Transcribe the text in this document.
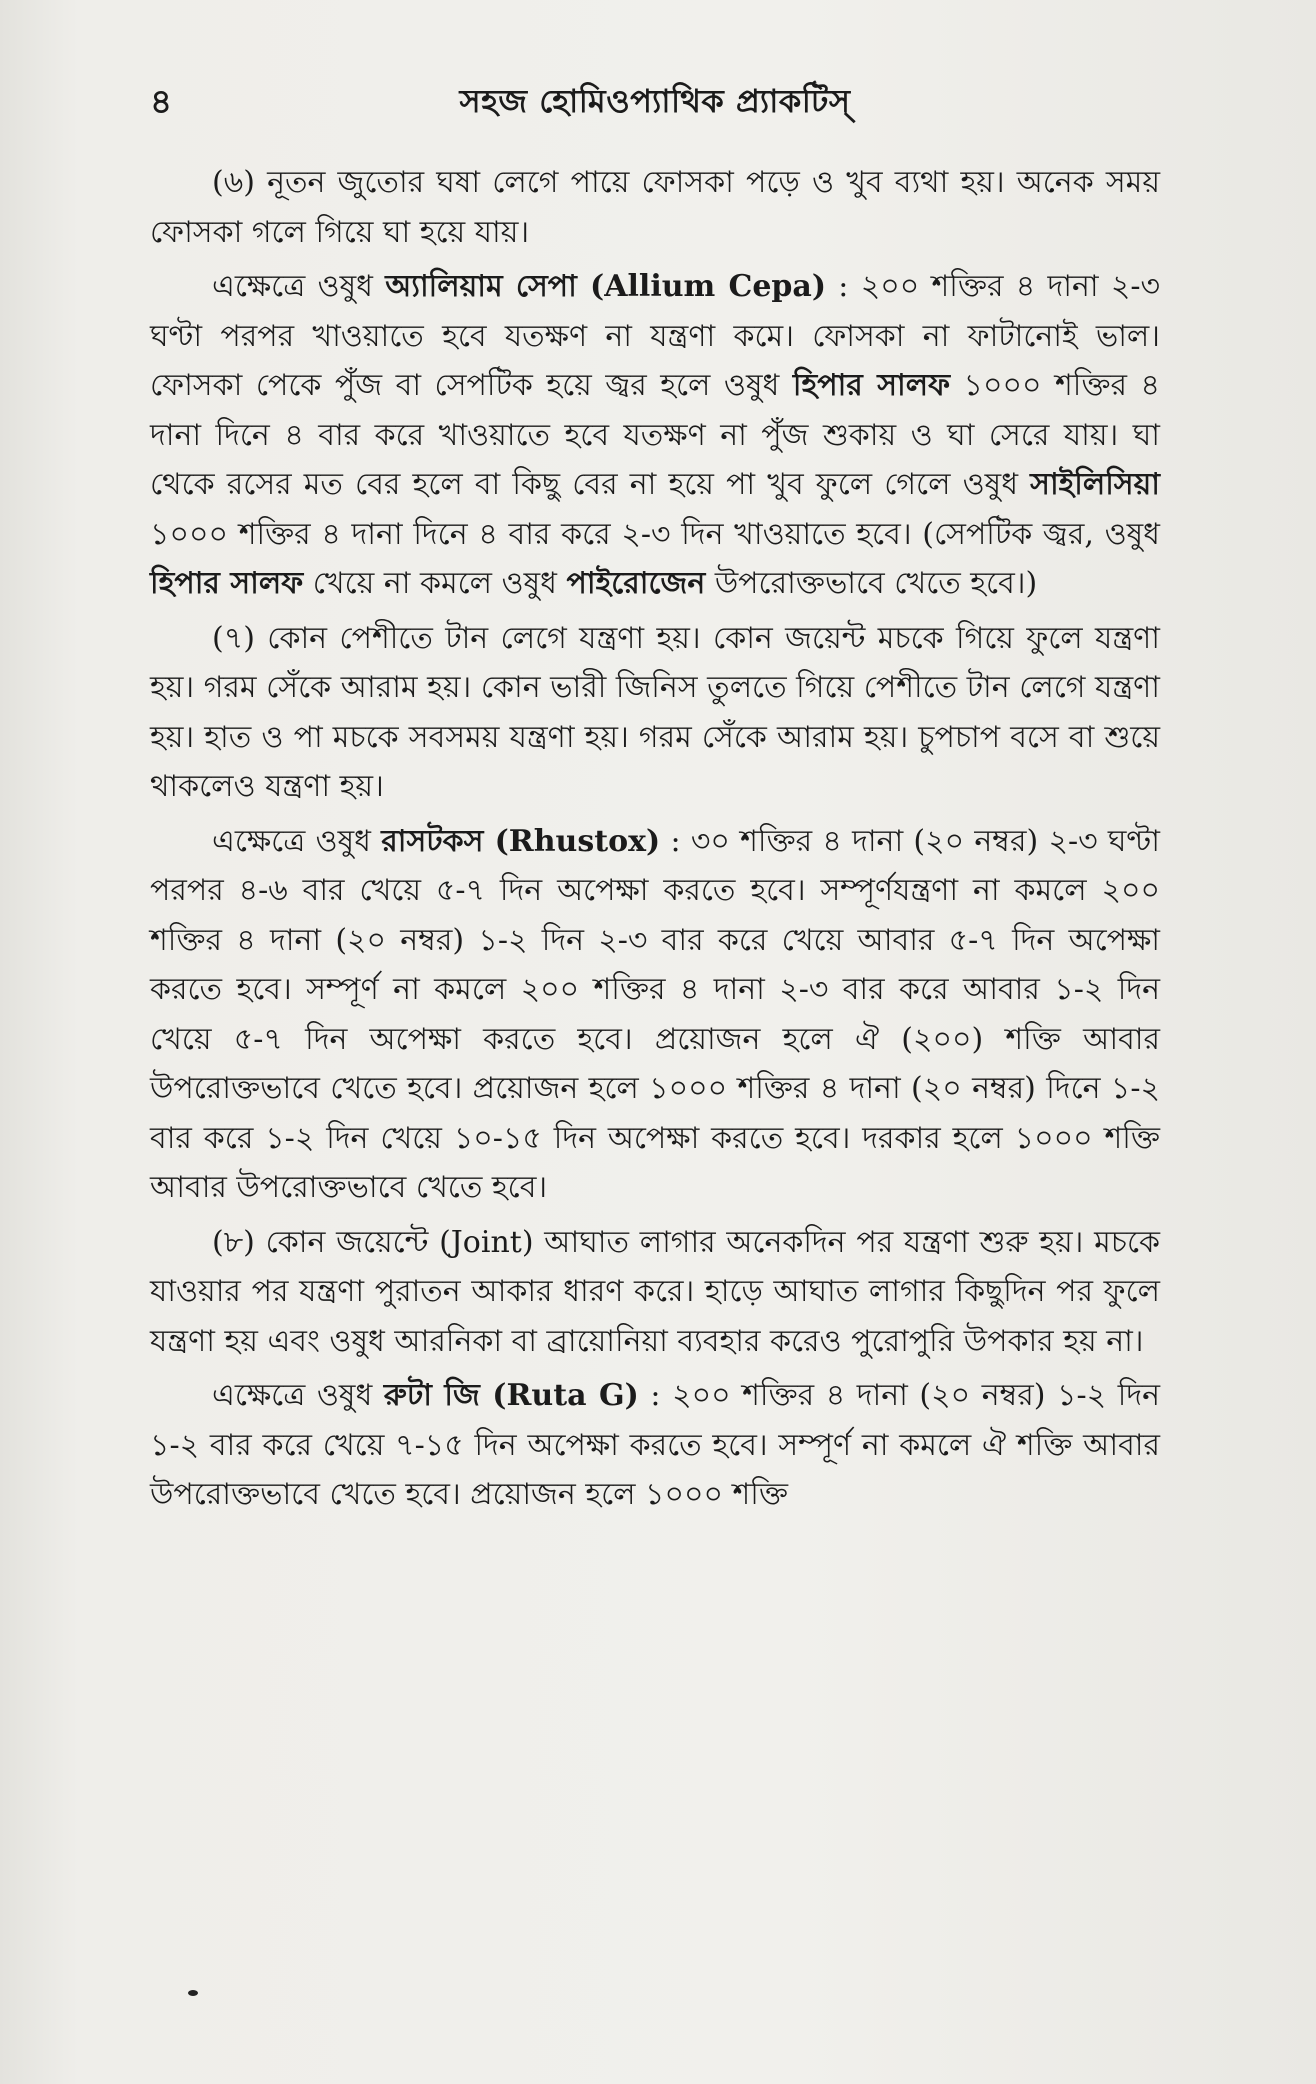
৪	সহজ হোমিওপ্যাথিক প্র্যাকটিস্

(৬) নূতন জুতোর ঘষা লেগে পায়ে ফোসকা পড়ে ও খুব ব্যথা হয়। অনেক সময় ফোসকা গলে গিয়ে ঘা হয়ে যায়।

এক্ষেত্রে ওষুধ অ্যালিয়াম সেপা (Allium Cepa) : ২০০ শক্তির ৪ দানা ২-৩ ঘণ্টা পরপর খাওয়াতে হবে যতক্ষণ না যন্ত্রণা কমে। ফোসকা না ফাটানোই ভাল। ফোসকা পেকে পুঁজ বা সেপটিক হয়ে জ্বর হলে ওষুধ হিপার সালফ ১০০০ শক্তির ৪ দানা দিনে ৪ বার করে খাওয়াতে হবে যতক্ষণ না পুঁজ শুকায় ও ঘা সেরে যায়। ঘা থেকে রসের মত বের হলে বা কিছু বের না হয়ে পা খুব ফুলে গেলে ওষুধ সাইলিসিয়া ১০০০ শক্তির ৪ দানা দিনে ৪ বার করে ২-৩ দিন খাওয়াতে হবে। (সেপটিক জ্বর, ওষুধ হিপার সালফ খেয়ে না কমলে ওষুধ পাইরোজেন উপরোক্তভাবে খেতে হবে।)

(৭) কোন পেশীতে টান লেগে যন্ত্রণা হয়। কোন জয়েন্ট মচকে গিয়ে ফুলে যন্ত্রণা হয়। গরম সেঁকে আরাম হয়। কোন ভারী জিনিস তুলতে গিয়ে পেশীতে টান লেগে যন্ত্রণা হয়। হাত ও পা মচকে সবসময় যন্ত্রণা হয়। গরম সেঁকে আরাম হয়। চুপচাপ বসে বা শুয়ে থাকলেও যন্ত্রণা হয়।

এক্ষেত্রে ওষুধ রাসটকস (Rhustox) : ৩০ শক্তির ৪ দানা (২০ নম্বর) ২-৩ ঘণ্টা পরপর ৪-৬ বার খেয়ে ৫-৭ দিন অপেক্ষা করতে হবে। সম্পূর্ণযন্ত্রণা না কমলে ২০০ শক্তির ৪ দানা (২০ নম্বর) ১-২ দিন ২-৩ বার করে খেয়ে আবার ৫-৭ দিন অপেক্ষা করতে হবে। সম্পূর্ণ না কমলে ২০০ শক্তির ৪ দানা ২-৩ বার করে আবার ১-২ দিন খেয়ে ৫-৭ দিন অপেক্ষা করতে হবে। প্রয়োজন হলে ঐ (২০০) শক্তি আবার উপরোক্তভাবে খেতে হবে। প্রয়োজন হলে ১০০০ শক্তির ৪ দানা (২০ নম্বর) দিনে ১-২ বার করে ১-২ দিন খেয়ে ১০-১৫ দিন অপেক্ষা করতে হবে। দরকার হলে ১০০০ শক্তি আবার উপরোক্তভাবে খেতে হবে।

(৮) কোন জয়েন্টে (Joint) আঘাত লাগার অনেকদিন পর যন্ত্রণা শুরু হয়। মচকে যাওয়ার পর যন্ত্রণা পুরাতন আকার ধারণ করে। হাড়ে আঘাত লাগার কিছুদিন পর ফুলে যন্ত্রণা হয় এবং ওষুধ আরনিকা বা ব্রায়োনিয়া ব্যবহার করেও পুরোপুরি উপকার হয় না।

এক্ষেত্রে ওষুধ রুটা জি (Ruta G) : ২০০ শক্তির ৪ দানা (২০ নম্বর) ১-২ দিন ১-২ বার করে খেয়ে ৭-১৫ দিন অপেক্ষা করতে হবে। সম্পূর্ণ না কমলে ঐ শক্তি আবার উপরোক্তভাবে খেতে হবে। প্রয়োজন হলে ১০০০ শক্তি
